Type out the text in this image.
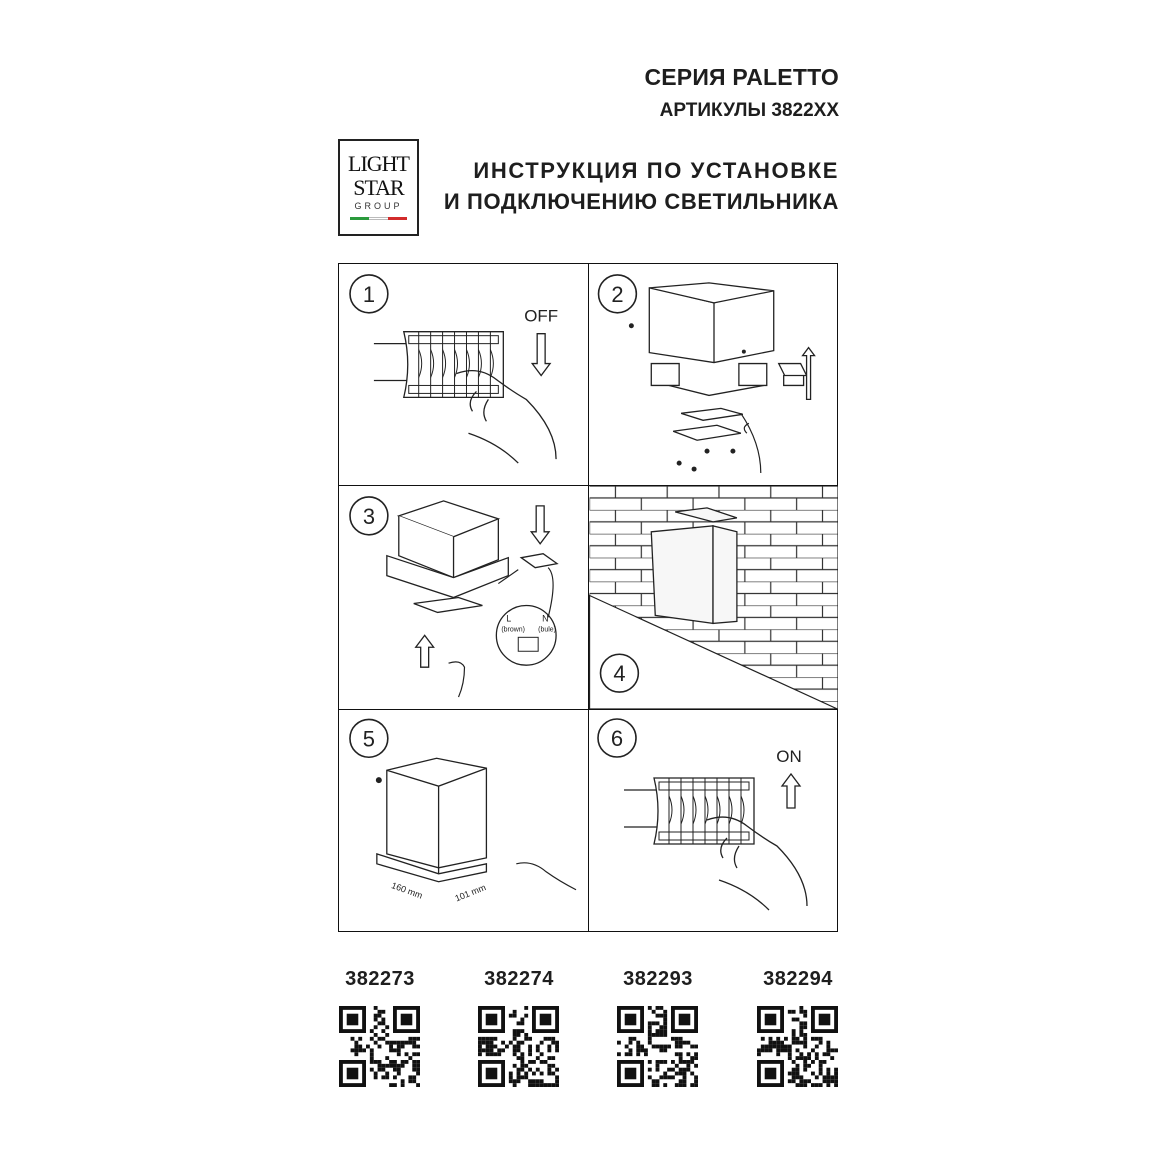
СЕРИЯ PALETTO
АРТИКУЛЫ 3822XX
LIGHT
STAR
GROUP
ИНСТРУКЦИЯ ПО УСТАНОВКЕ
И ПОДКЛЮЧЕНИЮ СВЕТИЛЬНИКА
1
OFF
2
3
L
(brown)
N
(bule)
4
5
160 mm	101 mm
6
ON
382273	382274	382293	382294
